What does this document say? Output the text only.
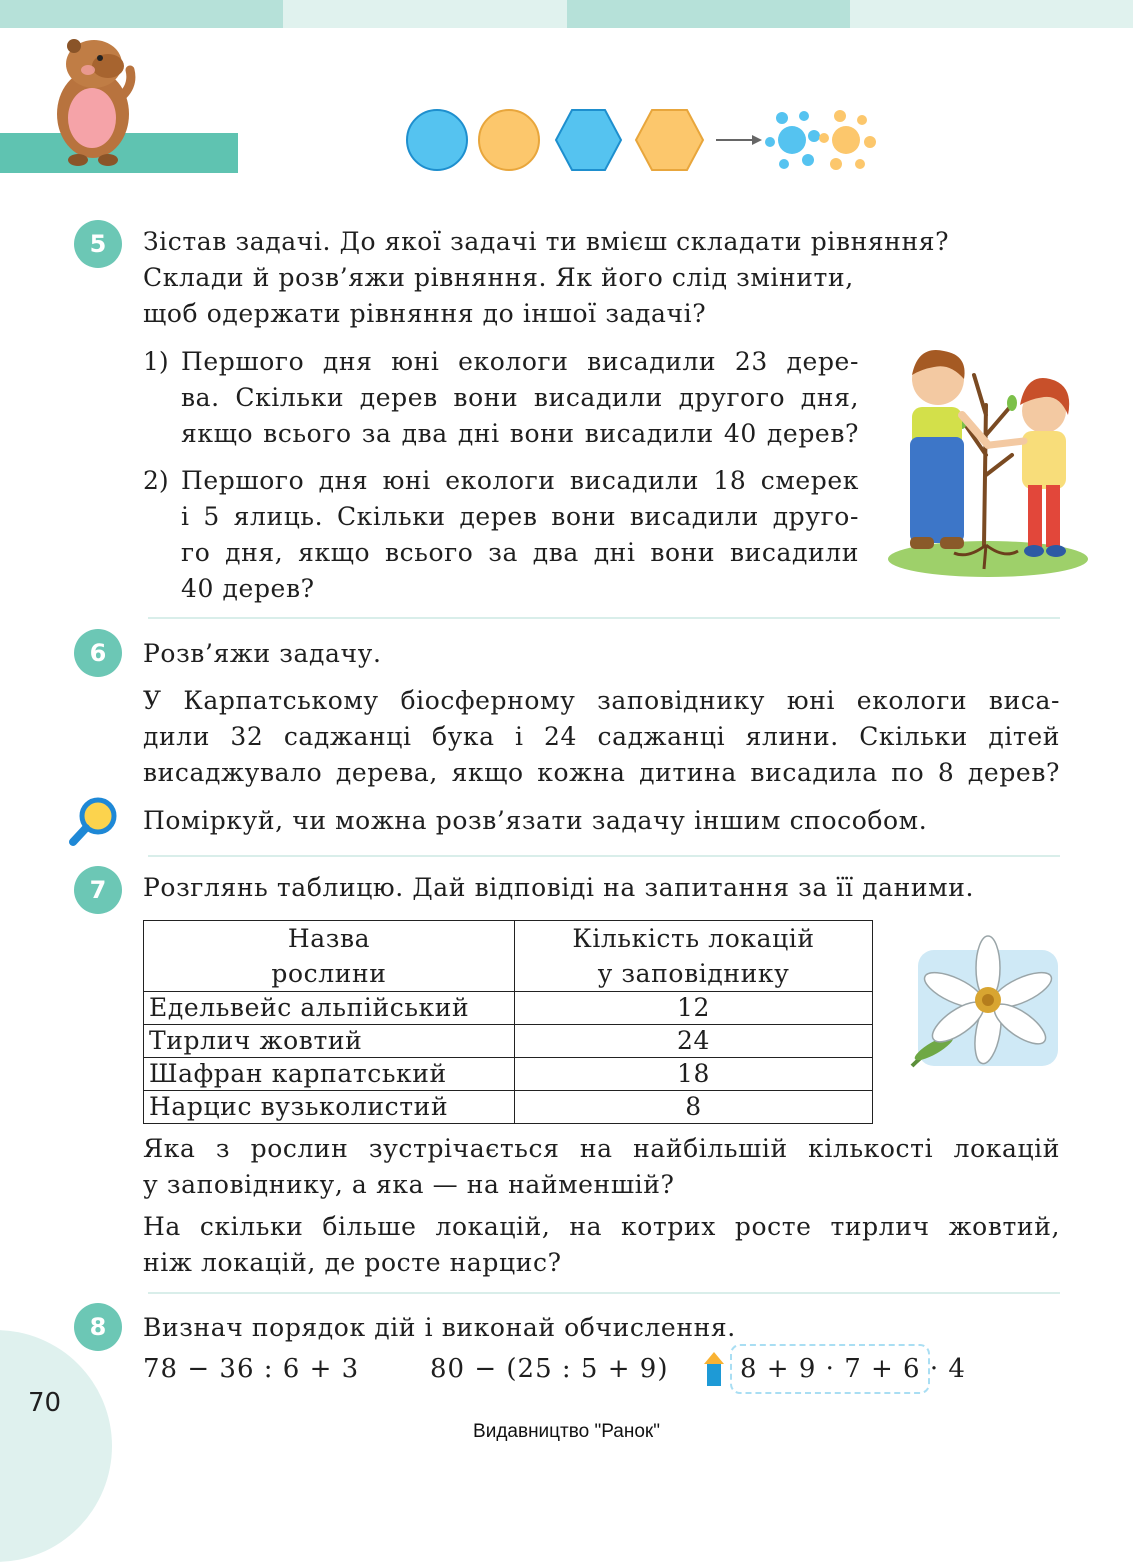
5	Зістав задачі. До якої задачі ти вмієш складати рівняння?

Склади й розв’яжи рівняння. Як його слід змінити,

щоб одержати рівняння до іншої задачі?

1) Першого дня юні екологи висадили 23 дере-

ва. Скільки дерев вони висадили другого дня,

якщо всього за два дні вони висадили 40 дерев?

2) Першого дня юні екологи висадили 18 смерек

і 5 ялиць. Скільки дерев вони висадили друго-

го дня, якщо всього за два дні вони висадили

40 дерев?

6	Розв’яжи задачу.

У Карпатському біосферному заповіднику юні екологи виса-

дили 32 саджанці бука і 24 саджанці ялини. Скільки дітей

висаджувало дерева, якщо кожна дитина висадила по 8 дерев?

Поміркуй, чи можна розв’язати задачу іншим способом.

7	Розглянь таблицю. Дай відповіді на запитання за її даними.

Назва
рослини	Кількість локацій
у заповіднику
Едельвейс альпійський	12
Тирлич жовтий	24
Шафран карпатський	18
Нарцис вузьколистий	8

Яка з рослин зустрічається на найбільшій кількості локацій

у заповіднику, а яка — на найменшій?

На скільки більше локацій, на котрих росте тирлич жовтий,

ніж локацій, де росте нарцис?

8	Визнач порядок дій і виконай обчислення.

78 − 36 : 6 + 3	80 − (25 : 5 + 9)	8 + 9 · 7 + 6 · 4
70
Видавництво "Ранок"
